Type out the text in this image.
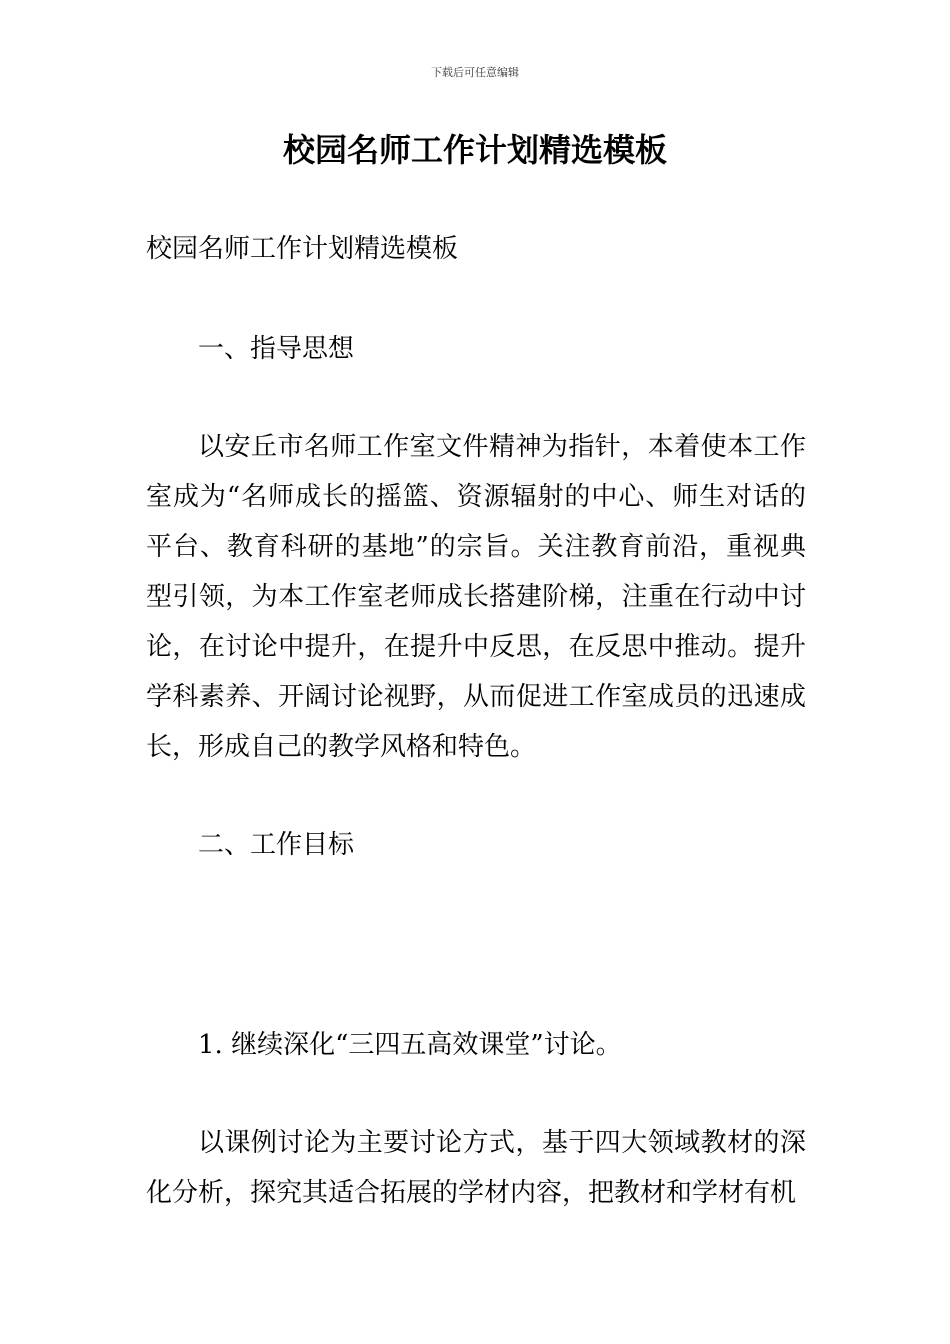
下载后可任意编辑
校园名师工作计划精选模板

校园名师工作计划精选模板

一、指导思想

以安丘市名师工作室文件精神为指针，本着使本工作室成为“名师成长的摇篮、资源辐射的中心、师生对话的平台、教育科研的基地”的宗旨。关注教育前沿，重视典型引领，为本工作室老师成长搭建阶梯，注重在行动中讨论，在讨论中提升，在提升中反思，在反思中推动。提升学科素养、开阔讨论视野，从而促进工作室成员的迅速成长，形成自己的教学风格和特色。

二、工作目标

1. 继续深化“三四五高效课堂”讨论。

以课例讨论为主要讨论方式，基于四大领域教材的深化分析，探究其适合拓展的学材内容，把教材和学材有机
